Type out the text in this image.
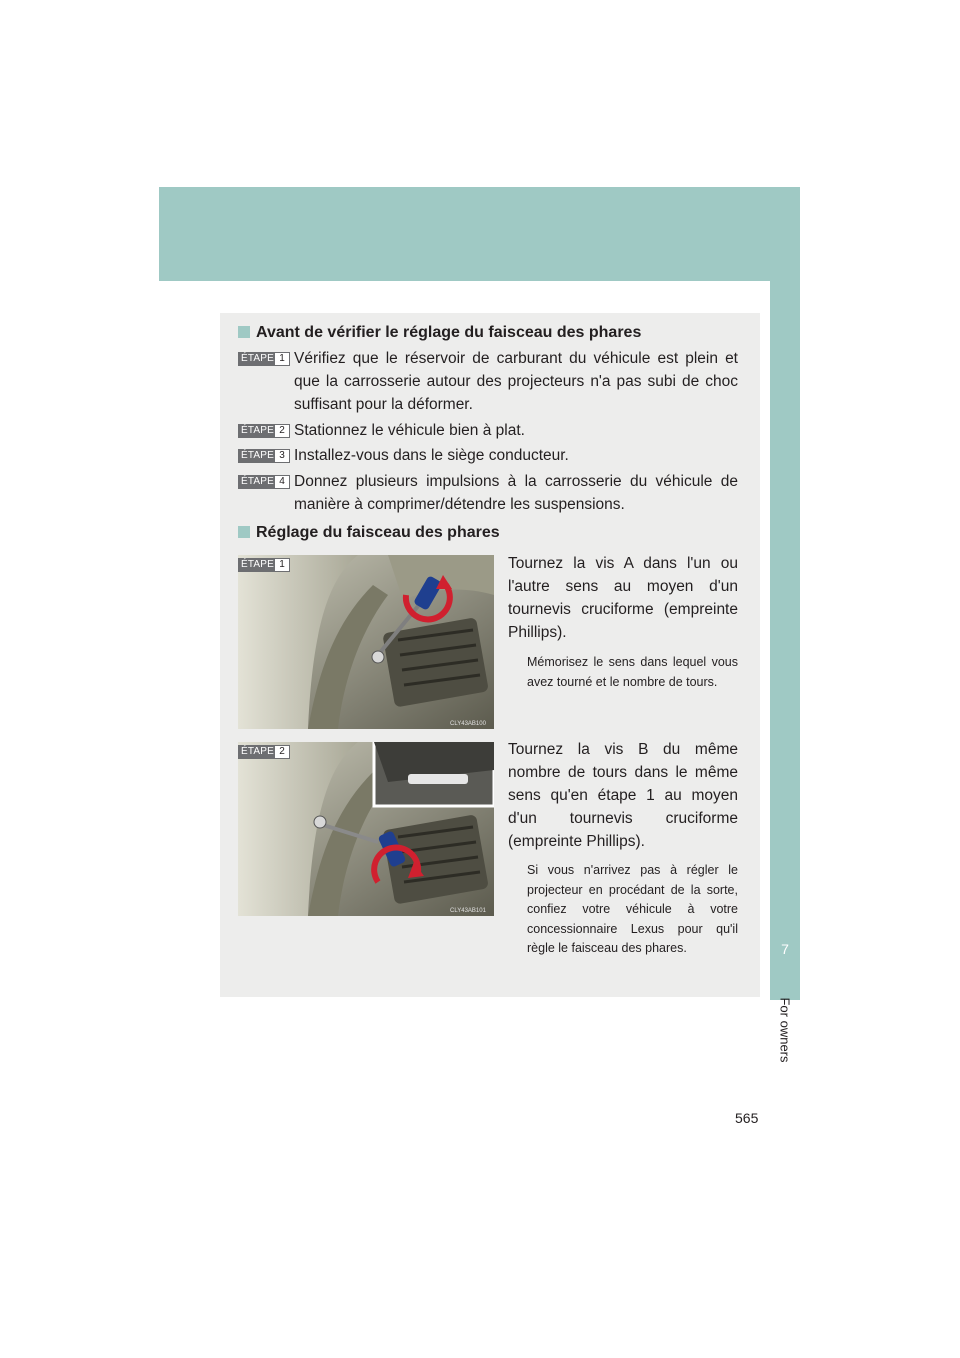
7
For owners
Avant de vérifier le réglage du faisceau des phares
ÉTAPE 1 Vérifiez que le réservoir de carburant du véhicule est plein et que la carrosserie autour des projecteurs n'a pas subi de choc suffisant pour la déformer.
ÉTAPE 2 Stationnez le véhicule bien à plat.
ÉTAPE 3 Installez-vous dans le siège conducteur.
ÉTAPE 4 Donnez plusieurs impulsions à la carrosserie du véhicule de manière à comprimer/détendre les suspensions.
Réglage du faisceau des phares
CLY43AB100
ÉTAPE 1	Tournez la vis A dans l'un ou l'autre sens au moyen d'un tournevis cruciforme (empreinte Phillips).
Mémorisez le sens dans lequel vous avez tourné et le nombre de tours.
CLY43AB101
ÉTAPE 2	Tournez la vis B du même nombre de tours dans le même sens qu'en étape 1 au moyen d'un tournevis cruciforme (empreinte Phillips).
Si vous n'arrivez pas à régler le projecteur en procédant de la sorte, confiez votre véhicule à votre concessionnaire Lexus pour qu'il règle le faisceau des phares.
565
